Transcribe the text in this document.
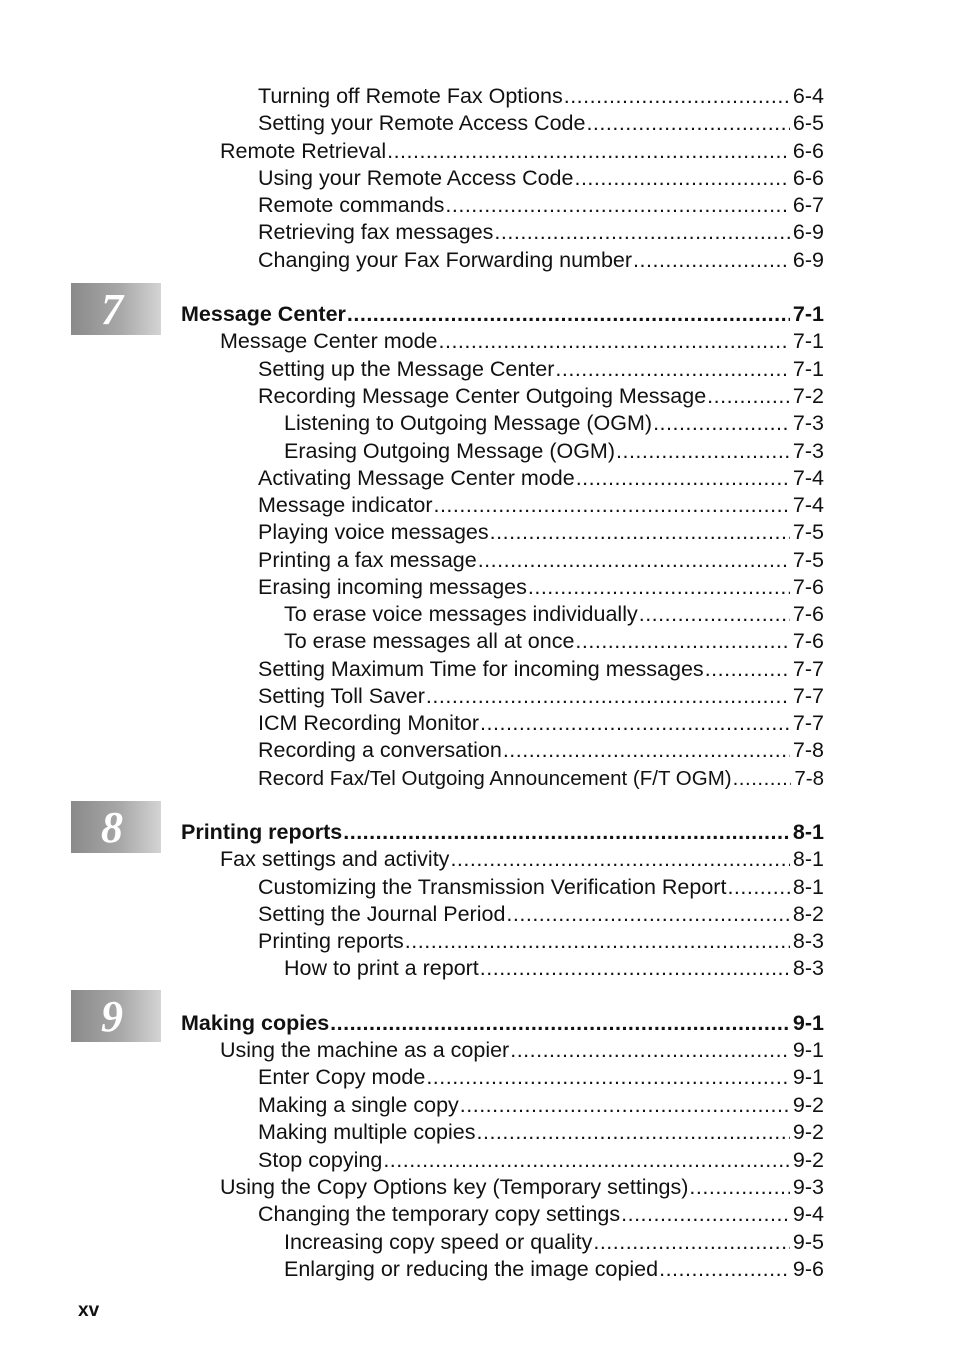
7
8
9
Turning off Remote Fax Options .....	6-4
Setting your Remote Access Code .....	6-5
Remote Retrieval .....	6-6
Using your Remote Access Code .....	6-6
Remote commands .....	6-7
Retrieving fax messages .....	6-9
Changing your Fax Forwarding number .....	6-9
Message Center .....	7-1
Message Center mode .....	7-1
Setting up the Message Center .....	7-1
Recording Message Center Outgoing Message .....	7-2
Listening to Outgoing Message (OGM) .....	7-3
Erasing Outgoing Message (OGM) .....	7-3
Activating Message Center mode .....	7-4
Message indicator .....	7-4
Playing voice messages .....	7-5
Printing a fax message .....	7-5
Erasing incoming messages .....	7-6
To erase voice messages individually .....	7-6
To erase messages all at once .....	7-6
Setting Maximum Time for incoming messages .....	7-7
Setting Toll Saver .....	7-7
ICM Recording Monitor .....	7-7
Recording a conversation .....	7-8
Record Fax/Tel Outgoing Announcement (F/T OGM) .....	7-8
Printing reports .....	8-1
Fax settings and activity .....	8-1
Customizing the Transmission Verification Report .....	8-1
Setting the Journal Period .....	8-2
Printing reports .....	8-3
How to print a report .....	8-3
Making copies .....	9-1
Using the machine as a copier .....	9-1
Enter Copy mode .....	9-1
Making a single copy .....	9-2
Making multiple copies .....	9-2
Stop copying .....	9-2
Using the Copy Options key (Temporary settings) .....	9-3
Changing the temporary copy settings .....	9-4
Increasing copy speed or quality .....	9-5
Enlarging or reducing the image copied .....	9-6
xv
